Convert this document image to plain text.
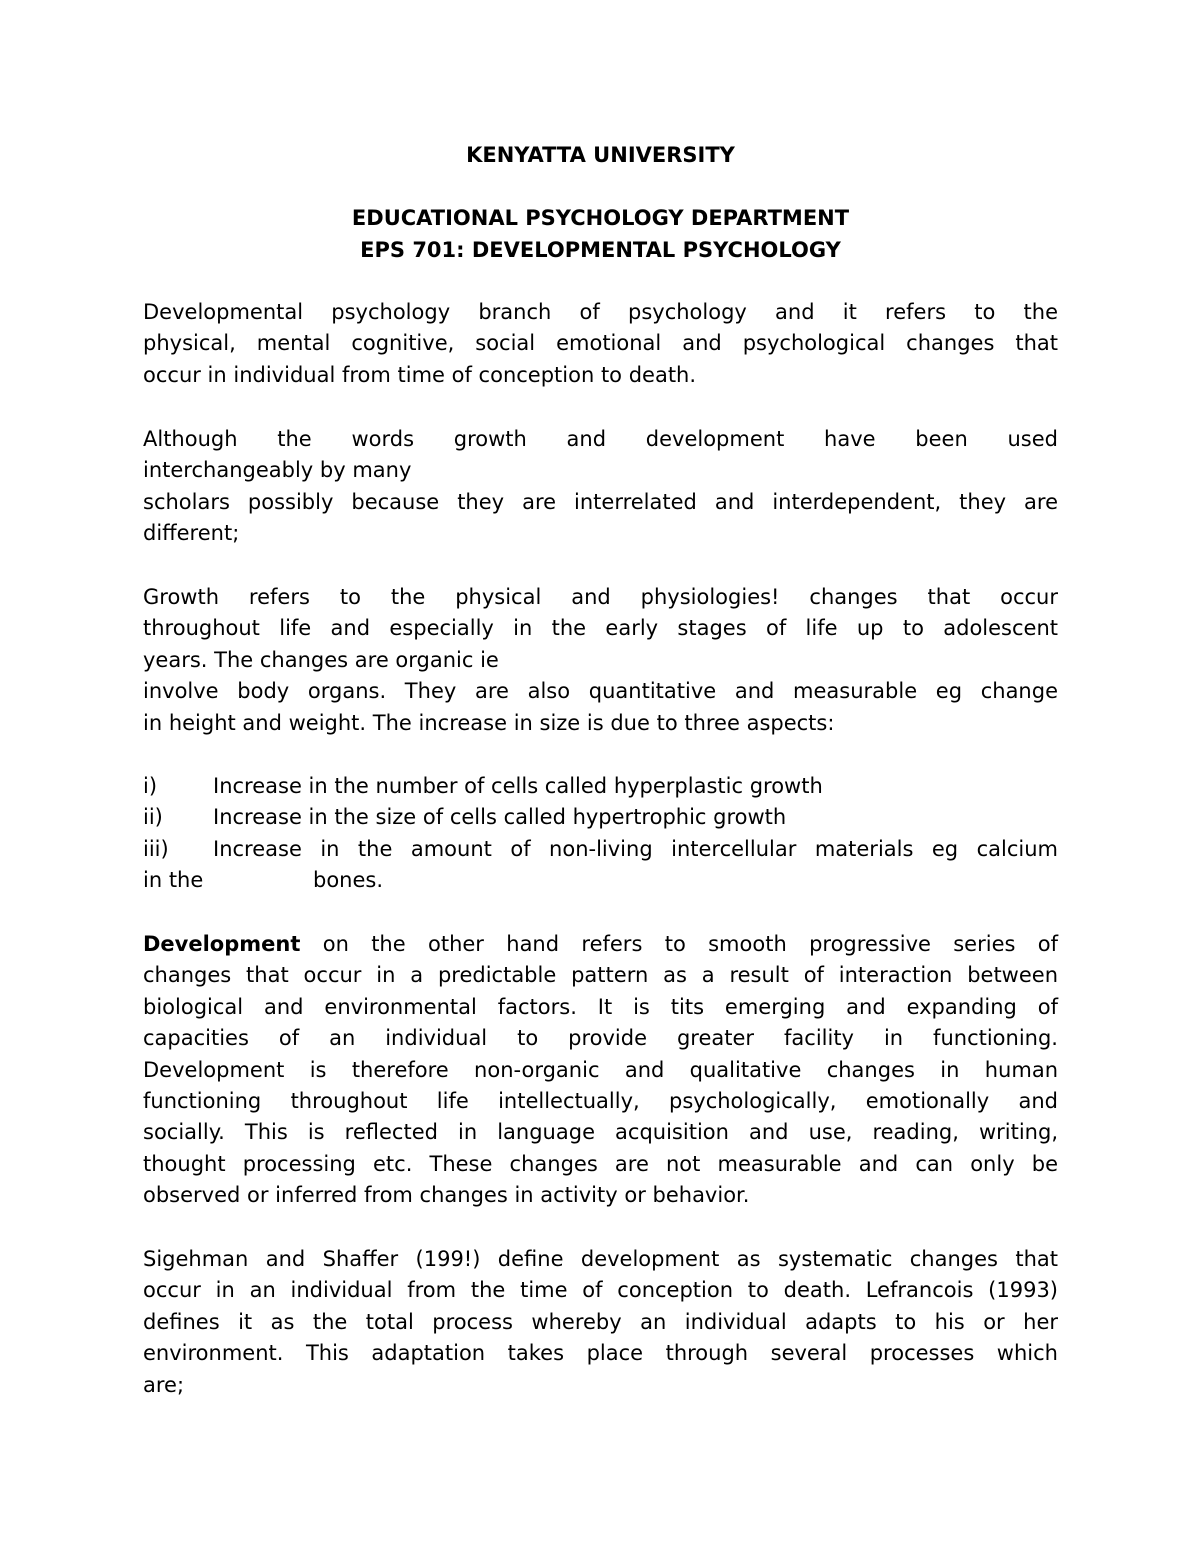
KENYATTA UNIVERSITY
EDUCATIONAL PSYCHOLOGY DEPARTMENT
EPS 701: DEVELOPMENTAL PSYCHOLOGY
Developmental psychology branch of psychology and it refers to the
physical, mental cognitive, social emotional and psychological changes that
occur in individual from time of conception to death.
Although the words growth and development have been used
interchangeably by many
scholars possibly because they are interrelated and interdependent, they are
different;
Growth refers to the physical and physiologies! changes that occur
throughout life and especially in the early stages of life up to adolescent
years. The changes are organic ie
involve body organs. They are also quantitative and measurable eg change
in height and weight. The increase in size is due to three aspects:
i)	Increase in the number of cells called hyperplastic growth
ii)	Increase in the size of cells called hypertrophic growth
iii)	Increase in the amount of non-living intercellular materials eg calcium
in the	bones.
Development on the other hand refers to smooth progressive series of
changes that occur in a predictable pattern as a result of interaction between
biological and environmental factors. It is tits emerging and expanding of
capacities of an individual to provide greater facility in functioning.
Development is therefore non-organic and qualitative changes in human
functioning throughout life intellectually, psychologically, emotionally and
socially. This is reflected in language acquisition and use, reading, writing,
thought processing etc. These changes are not measurable and can only be
observed or inferred from changes in activity or behavior.
Sigehman and Shaffer (199!) define development as systematic changes that
occur in an individual from the time of conception to death. Lefrancois (1993)
defines it as the total process whereby an individual adapts to his or her
environment. This adaptation takes place through several processes which
are;
